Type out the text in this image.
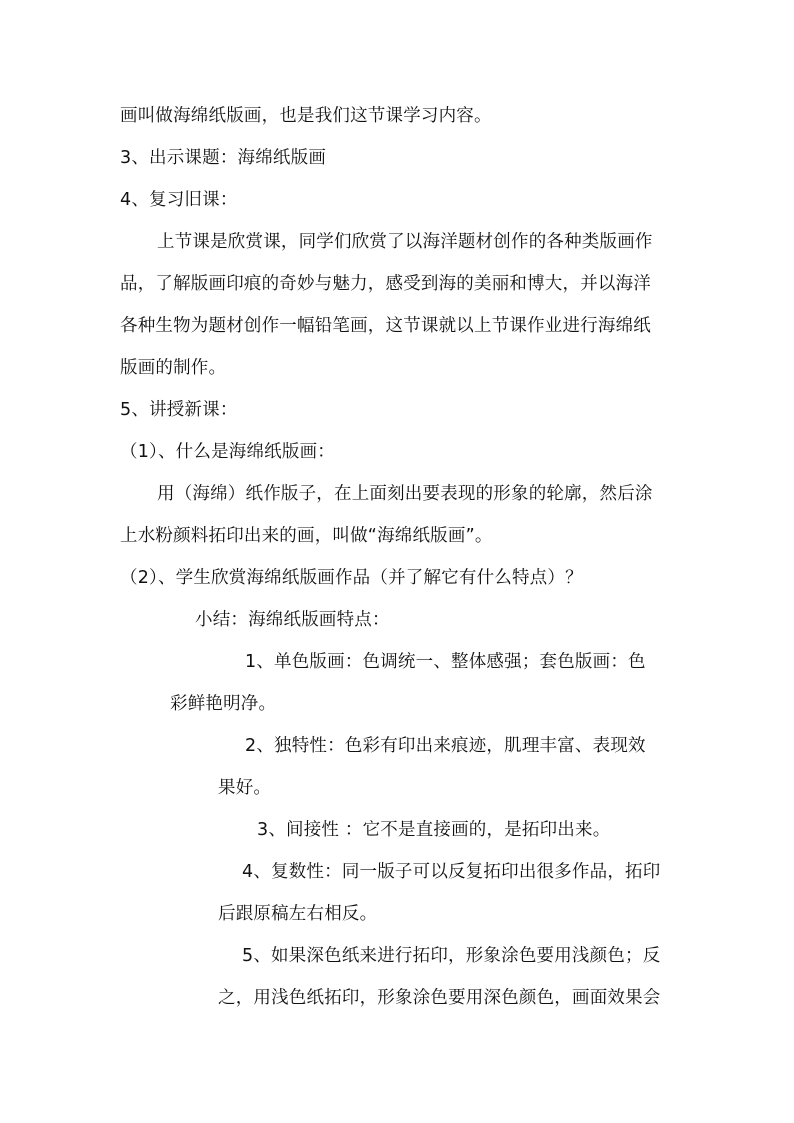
画叫做海绵纸版画，也是我们这节课学习内容。
3、出示课题：海绵纸版画
4、复习旧课：
上节课是欣赏课，同学们欣赏了以海洋题材创作的各种类版画作
品，了解版画印痕的奇妙与魅力，感受到海的美丽和博大，并以海洋
各种生物为题材创作一幅铅笔画，这节课就以上节课作业进行海绵纸
版画的制作。
5、讲授新课：
（1）、什么是海绵纸版画：
用（海绵）纸作版子，在上面刻出要表现的形象的轮廓，然后涂
上水粉颜料拓印出来的画，叫做“海绵纸版画”。
（2）、学生欣赏海绵纸版画作品（并了解它有什么特点）？
小结：海绵纸版画特点：
1、单色版画：色调统一、整体感强；套色版画：色
彩鲜艳明净。
2、独特性：色彩有印出来痕迹，肌理丰富、表现效
果好。
3、间接性 ：它不是直接画的，是拓印出来。
4、复数性：同一版子可以反复拓印出很多作品，拓印
后跟原稿左右相反。
5、如果深色纸来进行拓印，形象涂色要用浅颜色；反
之，用浅色纸拓印，形象涂色要用深色颜色，画面效果会
